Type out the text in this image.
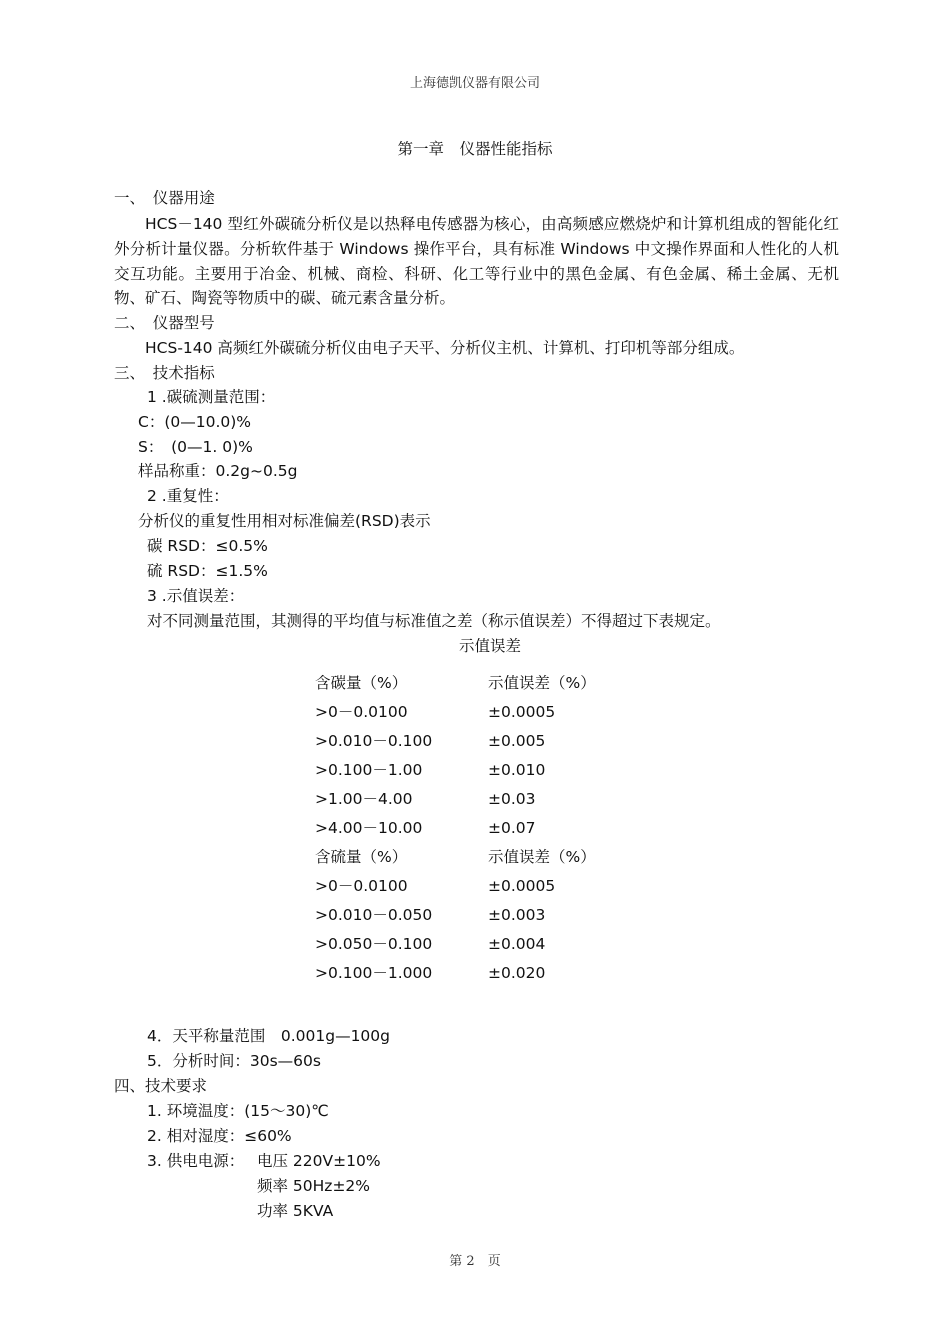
上海德凯仪器有限公司
第一章　仪器性能指标
一、　仪器用途
HCS－140 型红外碳硫分析仪是以热释电传感器为核心，由高频感应燃烧炉和计算机组成的智能化红外分析计量仪器。分析软件基于 Windows 操作平台，具有标准 Windows 中文操作界面和人性化的人机交互功能。主要用于冶金、机械、商检、科研、化工等行业中的黑色金属、有色金属、稀土金属、无机物、矿石、陶瓷等物质中的碳、硫元素含量分析。
二、　仪器型号
HCS-140 高频红外碳硫分析仪由电子天平、分析仪主机、计算机、打印机等部分组成。
三、　技术指标
1 .碳硫测量范围：
C：(0—10.0)%
S：　(0—1. 0)%
样品称重：0.2g~0.5g
2 .重复性：
分析仪的重复性用相对标准偏差(RSD)表示
碳 RSD：≤0.5%
硫 RSD：≤1.5%
3 .示值误差：
对不同测量范围，其测得的平均值与标准值之差（称示值误差）不得超过下表规定。
示值误差
含碳量（%）	示值误差（%）
>0－0.0100	±0.0005
>0.010－0.100	±0.005
>0.100－1.00	±0.010
>1.00－4.00	±0.03
>4.00－10.00	±0.07
含硫量（%）	示值误差（%）
>0－0.0100	±0.0005
>0.010－0.050	±0.003
>0.050－0.100	±0.004
>0.100－1.000	±0.020
4．天平称量范围　0.001g—100g
5．分析时间：30s—60s
四、技术要求
1. 环境温度：(15～30)℃
2. 相对湿度：≤60%
3. 供电电源： 电压 220V±10%
频率 50Hz±2%
功率 5KVA
第 2　页
